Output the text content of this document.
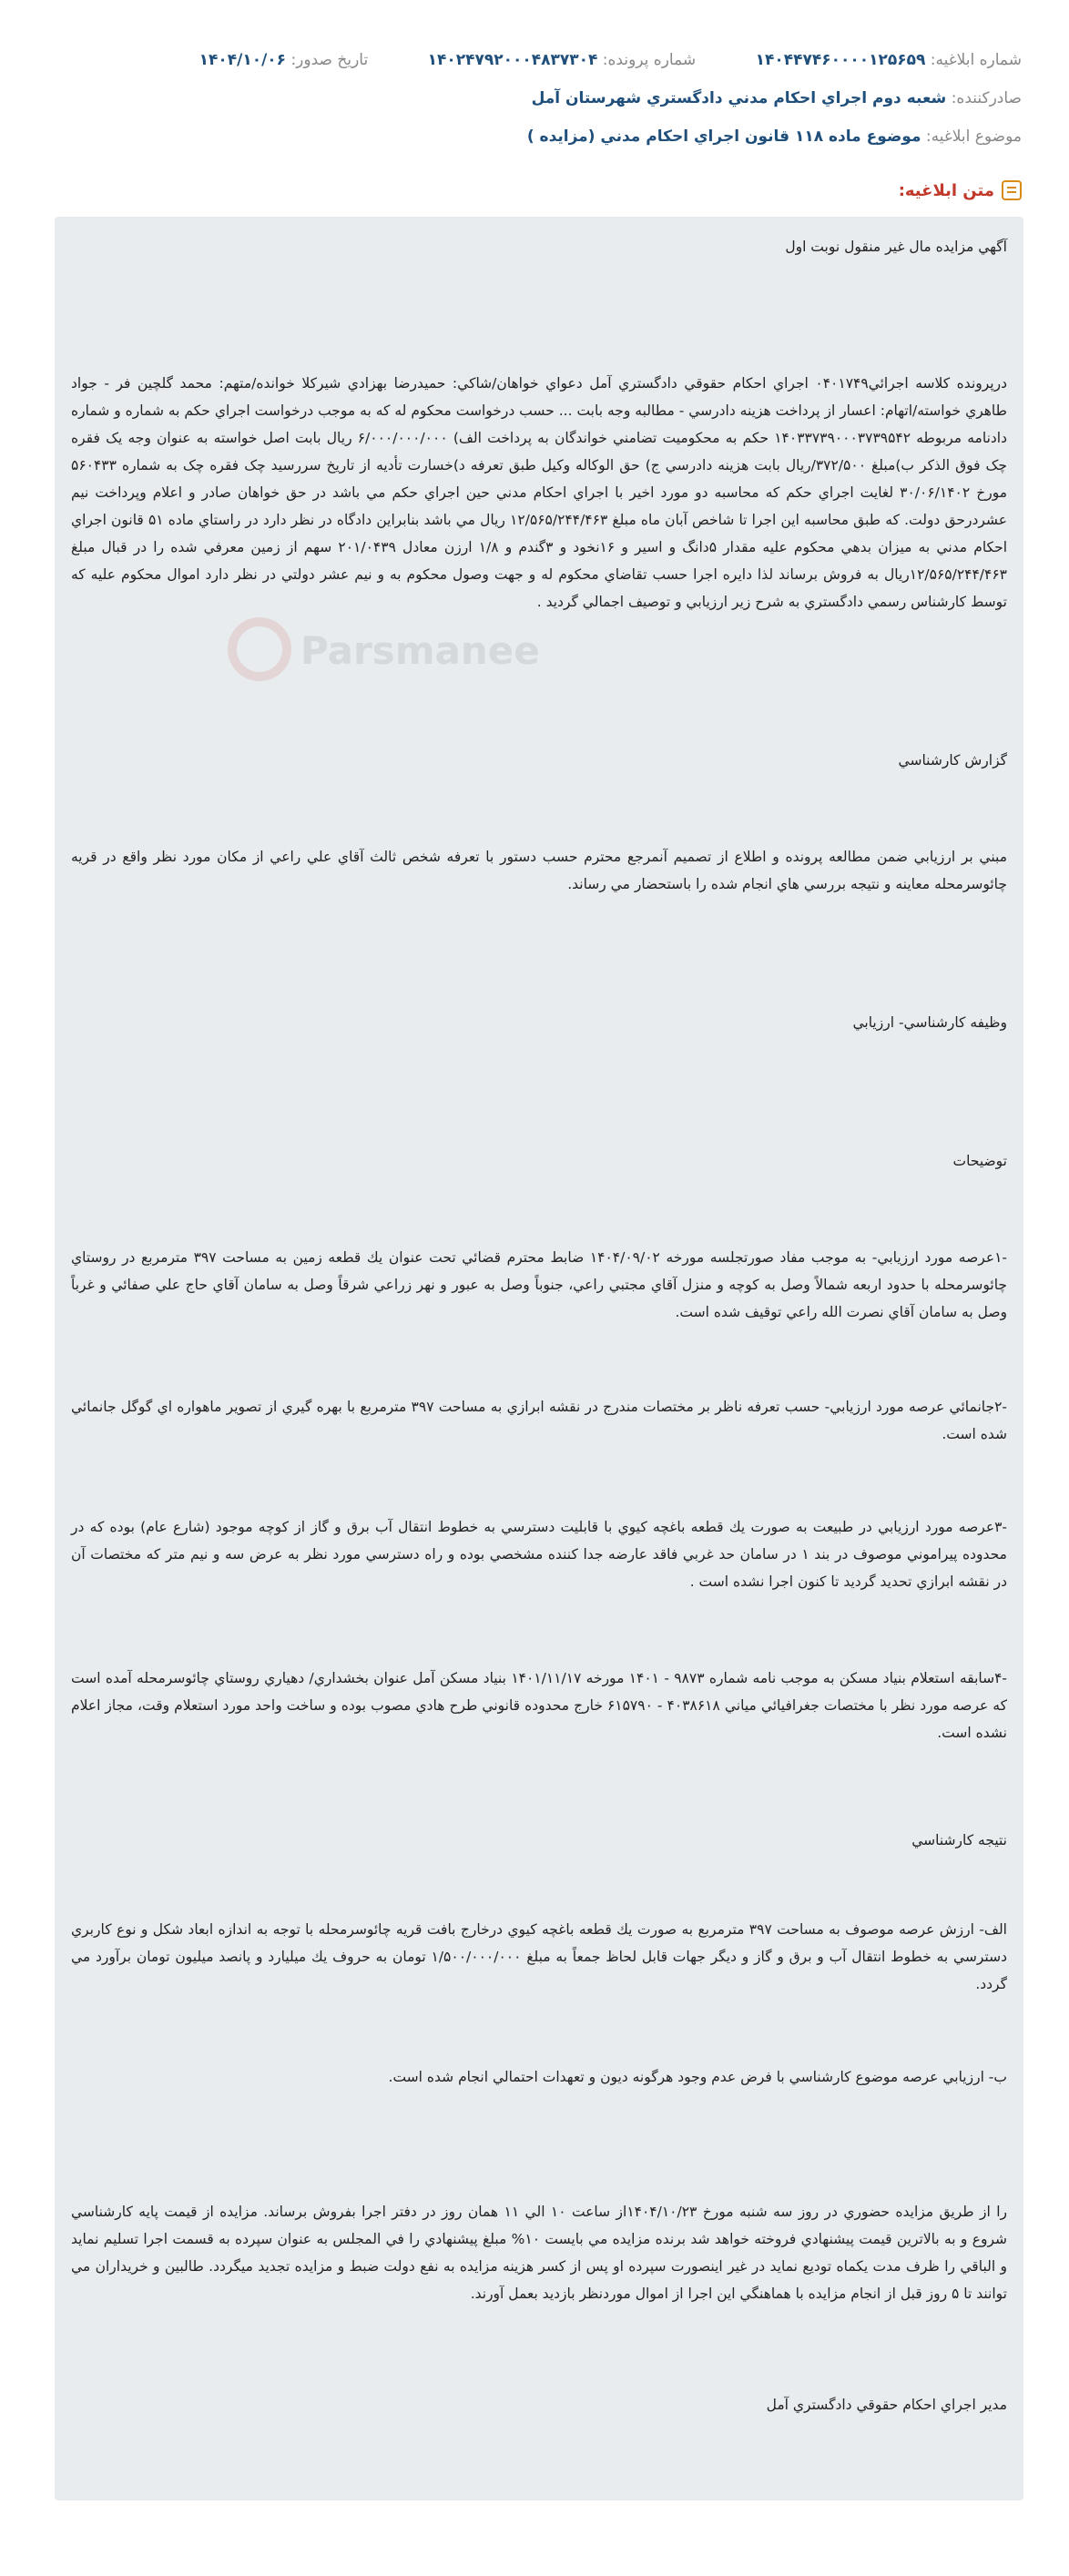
شماره ابلاغيه: ۱۴۰۴۴۷۴۶۰۰۰۰۱۲۵۶۵۹ شماره پرونده: ۱۴۰۲۴۷۹۲۰۰۰۴۸۳۷۳۰۴ تاريخ صدور: ۱۴۰۴/۱۰/۰۶
صادركننده: شعبه دوم اجراي احكام مدني دادگستري شهرستان آمل
موضوع ابلاغيه: موضوع ماده ۱۱۸ قانون اجراي احكام مدني (مزايده )
متن ابلاغيه:
Parsmanee
آگهي مزايده مال غير منقول نوبت اول
درپرونده كلاسه اجرائي۰۴۰۱۷۴۹ اجراي احكام حقوقي دادگستري آمل دعواي خواهان/شاكي: حميدرضا بهزادي شيركلا خوانده/متهم: محمد گلچين فر - جواد طاهري خواسته/اتهام: اعسار از پرداخت هزينه دادرسي - مطالبه وجه بابت ... حسب درخواست محكوم له كه به موجب درخواست اجراي حكم به شماره و شماره دادنامه مربوطه ۱۴۰۳۳۷۳۹۰۰۰۳۷۳۹۵۴۲ حكم به محكوميت تضامني خواندگان به پرداخت الف) ۶/۰۰۰/۰۰۰/۰۰۰ ريال بابت اصل خواسته به عنوان وجه يک فقره چک فوق الذکر ب)مبلغ ۳۷۲/۵۰۰/ريال بابت هزينه دادرسي ج) حق الوكاله وكيل طبق تعرفه د)خسارت تأديه از تاريخ سررسيد چک فقره چک به شماره ۵۶۰۴۳۳ مورخ ۳۰/۰۶/۱۴۰۲ لغايت اجراي حكم كه محاسبه دو مورد اخير با اجراي احكام مدني حين اجراي حكم مي باشد در حق خواهان صادر و اعلام وپرداخت نيم عشردرحق دولت. كه طبق محاسبه اين اجرا تا شاخص آبان ماه مبلغ ۱۲/۵۶۵/۲۴۴/۴۶۳ ريال مي باشد بنابراين دادگاه در نظر دارد در راستاي ماده ۵۱ قانون اجراي احكام مدني به ميزان بدهي محكوم عليه مقدار ۵دانگ و اسير و ۱۶نخود و ۳گندم و ۱/۸ ارزن معادل ۲۰۱/۰۴۳۹ سهم از زمين معرفي شده را در قبال مبلغ ۱۲/۵۶۵/۲۴۴/۴۶۳ريال به فروش برساند لذا دايره اجرا حسب تقاضاي محكوم له و جهت وصول محكوم به و نيم عشر دولتي در نظر دارد اموال محكوم عليه كه توسط كارشناس رسمي دادگستري به شرح زير ارزيابي و توصيف اجمالي گرديد .
گزارش كارشناسي
مبني بر ارزيابي ضمن مطالعه پرونده و اطلاع از تصميم آنمرجع محترم حسب دستور با تعرفه شخص ثالث آقاي علي راعي از مكان مورد نظر واقع در قريه چائوسرمحله معاينه و نتيجه بررسي هاي انجام شده را باستحضار مي رساند.
وظيفه كارشناسي- ارزيابي
توضيحات
-۱عرصه مورد ارزيابي- به موجب مفاد صورتجلسه مورخه ۱۴۰۴/۰۹/۰۲ ضابط محترم قضائي تحت عنوان يك قطعه زمين به مساحت ۳۹۷ مترمربع در روستاي چائوسرمحله با حدود اربعه شمالاً وصل به كوچه و منزل آقاي مجتبي راعي، جنوباً وصل به عبور و نهر زراعي شرقاً وصل به سامان آقاي حاج علي صفائي و غرباً وصل به سامان آقاي نصرت الله راعي توقيف شده است.
-۲جانمائي عرصه مورد ارزيابي- حسب تعرفه ناظر بر مختصات مندرج در نقشه ابرازي به مساحت ۳۹۷ مترمربع با بهره گيري از تصوير ماهواره اي گوگل جانمائي شده است.
-۳عرصه مورد ارزيابي در طبيعت به صورت يك قطعه باغچه كيوي با قابليت دسترسي به خطوط انتقال آب برق و گاز از كوچه موجود (شارع عام) بوده كه در محدوده پيراموني موصوف در بند ۱ در سامان حد غربي فاقد عارضه جدا كننده مشخصي بوده و راه دسترسي مورد نظر به عرض سه و نيم متر كه مختصات آن در نقشه ابرازي تحديد گرديد تا كنون اجرا نشده است .
-۴سابقه استعلام بنياد مسكن به موجب نامه شماره ۹۸۷۳ - ۱۴۰۱ مورخه ۱۴۰۱/۱۱/۱۷ بنياد مسكن آمل عنوان بخشداري/ دهياري روستاي چائوسرمحله آمده است كه عرصه مورد نظر با مختصات جغرافيائي مياني ۴۰۳۸۶۱۸ - ۶۱۵۷۹۰ خارج محدوده قانوني طرح هادي مصوب بوده و ساخت واحد مورد استعلام وقت، مجاز اعلام نشده است.
نتيجه كارشناسي
الف- ارزش عرصه موصوف به مساحت ۳۹۷ مترمربع به صورت يك قطعه باغچه كيوي درخارج بافت قريه چائوسرمحله با توجه به اندازه ابعاد شكل و نوع كاربري دسترسي به خطوط انتقال آب و برق و گاز و ديگر جهات قابل لحاظ جمعاً به مبلغ ۱/۵۰۰/۰۰۰/۰۰۰ تومان به حروف يك ميليارد و پانصد ميليون تومان برآورد مي گردد.
ب- ارزيابي عرصه موضوع كارشناسي با فرض عدم وجود هرگونه ديون و تعهدات احتمالي انجام شده است.
را از طريق مزايده حضوري در روز سه شنبه مورخ ۱۴۰۴/۱۰/۲۳از ساعت ۱۰ الي ۱۱ همان روز در دفتر اجرا بفروش برساند. مزايده از قيمت پايه كارشناسي شروع و به بالاترين قيمت پيشنهادي فروخته خواهد شد برنده مزايده مي بايست ۱۰% مبلغ پيشنهادي را في المجلس به عنوان سپرده به قسمت اجرا تسليم نمايد و الباقي را ظرف مدت يكماه توديع نمايد در غير اينصورت سپرده او پس از كسر هزينه مزايده به نفع دولت ضبط و مزايده تجديد ميگردد. طالبين و خريداران مي توانند تا ۵ روز قبل از انجام مزايده با هماهنگي اين اجرا از اموال موردنظر بازديد بعمل آورند.
مدير اجراي احكام حقوقي دادگستري آمل
